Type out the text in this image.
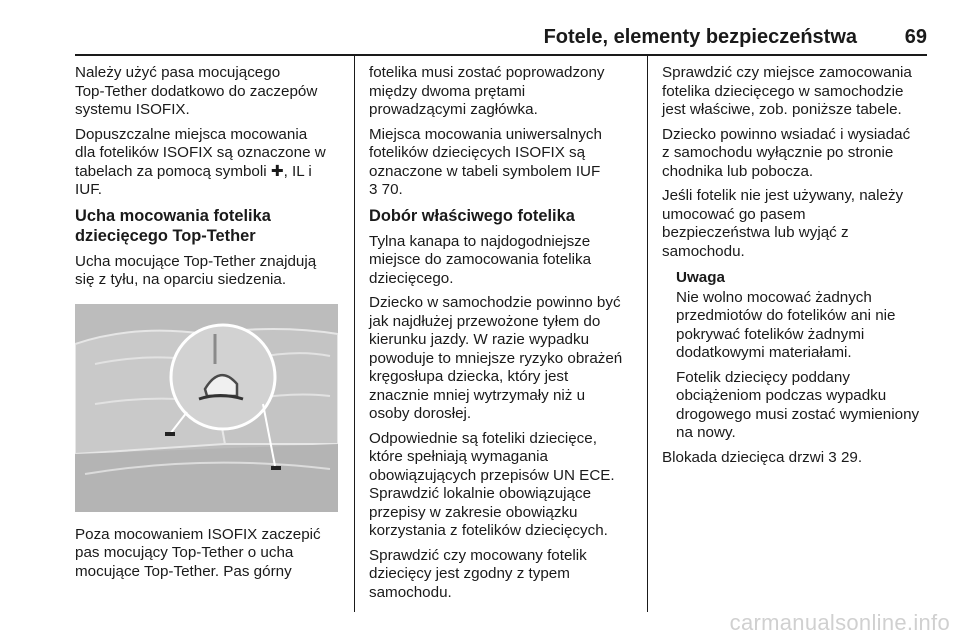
Fotele, elementy bezpieczeństwa 69

Należy użyć pasa mocującego
Top-Tether dodatkowo do zaczepów
systemu ISOFIX.

Dopuszczalne miejsca mocowania
dla fotelików ISOFIX są oznaczone w
tabelach za pomocą symboli ✚, IL i
IUF.

Ucha mocowania fotelika
dziecięcego Top-Tether

Ucha mocujące Top-Tether znajdują
się z tyłu, na oparciu siedzenia.

Poza mocowaniem ISOFIX zaczepić
pas mocujący Top-Tether o ucha
mocujące Top-Tether. Pas górny

fotelika musi zostać poprowadzony
między dwoma prętami
prowadzącymi zagłówka.

Miejsca mocowania uniwersalnych
fotelików dziecięcych ISOFIX są
oznaczone w tabeli symbolem IUF
3 70.

Dobór właściwego fotelika

Tylna kanapa to najdogodniejsze
miejsce do zamocowania fotelika
dziecięcego.

Dziecko w samochodzie powinno być
jak najdłużej przewożone tyłem do
kierunku jazdy. W razie wypadku
powoduje to mniejsze ryzyko obrażeń
kręgosłupa dziecka, który jest
znacznie mniej wytrzymały niż u
osoby dorosłej.

Odpowiednie są foteliki dziecięce,
które spełniają wymagania
obowiązujących przepisów UN ECE.
Sprawdzić lokalnie obowiązujące
przepisy w zakresie obowiązku
korzystania z fotelików dziecięcych.

Sprawdzić czy mocowany fotelik
dziecięcy jest zgodny z typem
samochodu.

Sprawdzić czy miejsce zamocowania
fotelika dziecięcego w samochodzie
jest właściwe, zob. poniższe tabele.

Dziecko powinno wsiadać i wysiadać
z samochodu wyłącznie po stronie
chodnika lub pobocza.

Jeśli fotelik nie jest używany, należy
umocować go pasem
bezpieczeństwa lub wyjąć z
samochodu.

Uwaga

Nie wolno mocować żadnych
przedmiotów do fotelików ani nie
pokrywać fotelików żadnymi
dodatkowymi materiałami.

Fotelik dziecięcy poddany
obciążeniom podczas wypadku
drogowego musi zostać wymieniony
na nowy.

Blokada dziecięca drzwi 3 29.

carmanualsonline.info
